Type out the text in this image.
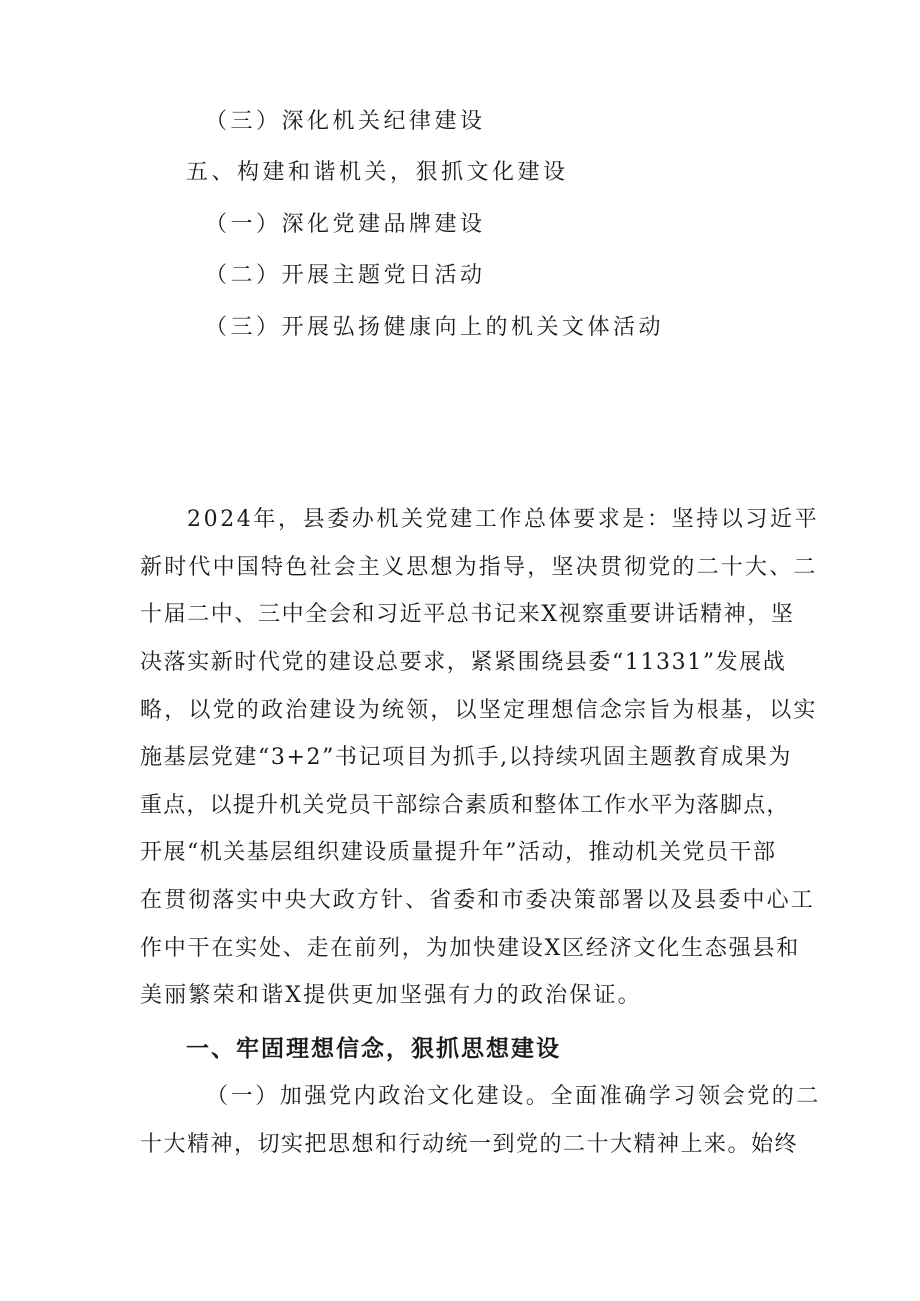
（三）深化机关纪律建设
五、构建和谐机关，狠抓文化建设
（一）深化党建品牌建设
（二）开展主题党日活动
（三）开展弘扬健康向上的机关文体活动
2024年，县委办机关党建工作总体要求是：坚持以习近平
新时代中国特色社会主义思想为指导，坚决贯彻党的二十大、二
十届二中、三中全会和习近平总书记来X视察重要讲话精神，坚
决落实新时代党的建设总要求，紧紧围绕县委“11331”发展战
略，以党的政治建设为统领，以坚定理想信念宗旨为根基，以实
施基层党建“3+2”书记项目为抓手,以持续巩固主题教育成果为
重点，以提升机关党员干部综合素质和整体工作水平为落脚点，
开展“机关基层组织建设质量提升年”活动，推动机关党员干部
在贯彻落实中央大政方针、省委和市委决策部署以及县委中心工
作中干在实处、走在前列，为加快建设X区经济文化生态强县和
美丽繁荣和谐X提供更加坚强有力的政治保证。
一、牢固理想信念，狠抓思想建设
（一）加强党内政治文化建设。全面准确学习领会党的二
十大精神，切实把思想和行动统一到党的二十大精神上来。始终
